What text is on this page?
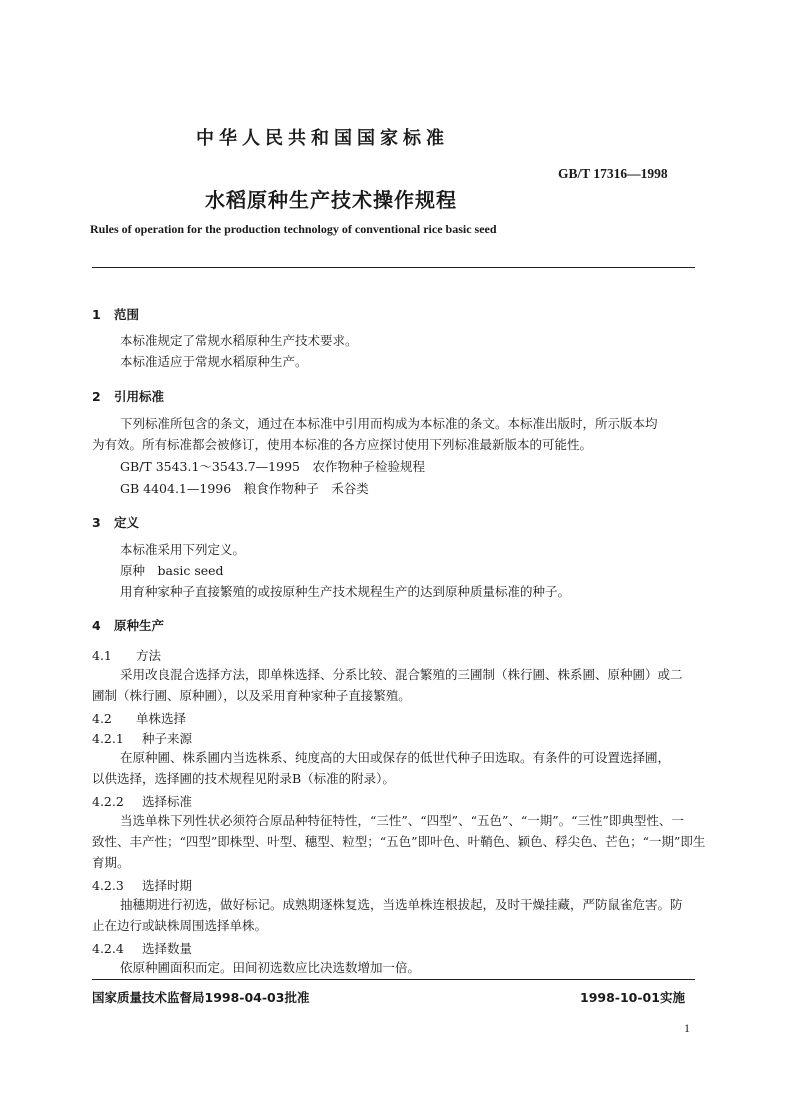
中华人民共和国国家标准
GB/T 17316—1998
水稻原种生产技术操作规程
Rules of operation for the production technology of conventional rice basic seed
1 范围
本标准规定了常规水稻原种生产技术要求。
本标准适应于常规水稻原种生产。
2 引用标准
下列标准所包含的条文，通过在本标准中引用而构成为本标准的条文。本标准出版时，所示版本均
为有效。所有标准都会被修订，使用本标准的各方应探讨使用下列标准最新版本的可能性。
GB/T 3543.1～3543.7—1995　农作物种子检验规程
GB 4404.1—1996　粮食作物种子　禾谷类
3 定义
本标准采用下列定义。
原种　basic seed
用育种家种子直接繁殖的或按原种生产技术规程生产的达到原种质量标准的种子。
4 原种生产
4.1 方法
采用改良混合选择方法，即单株选择、分系比较、混合繁殖的三圃制（株行圃、株系圃、原种圃）或二
圃制（株行圃、原种圃），以及采用育种家种子直接繁殖。
4.2 单株选择
4.2.1 种子来源
在原种圃、株系圃内当选株系、纯度高的大田或保存的低世代种子田选取。有条件的可设置选择圃，
以供选择，选择圃的技术规程见附录B（标准的附录）。
4.2.2 选择标准
当选单株下列性状必须符合原品种特征特性，“三性”、“四型”、“五色”、“一期”。“三性”即典型性、一
致性、丰产性；“四型”即株型、叶型、穗型、粒型；“五色”即叶色、叶鞘色、颖色、稃尖色、芒色；“一期”即生
育期。
4.2.3 选择时期
抽穗期进行初选，做好标记。成熟期逐株复选，当选单株连根拔起，及时干燥挂藏，严防鼠雀危害。防
止在边行或缺株周围选择单株。
4.2.4 选择数量
依原种圃面积而定。田间初选数应比决选数增加一倍。
国家质量技术监督局1998-04-03批准	1998-10-01实施
1
